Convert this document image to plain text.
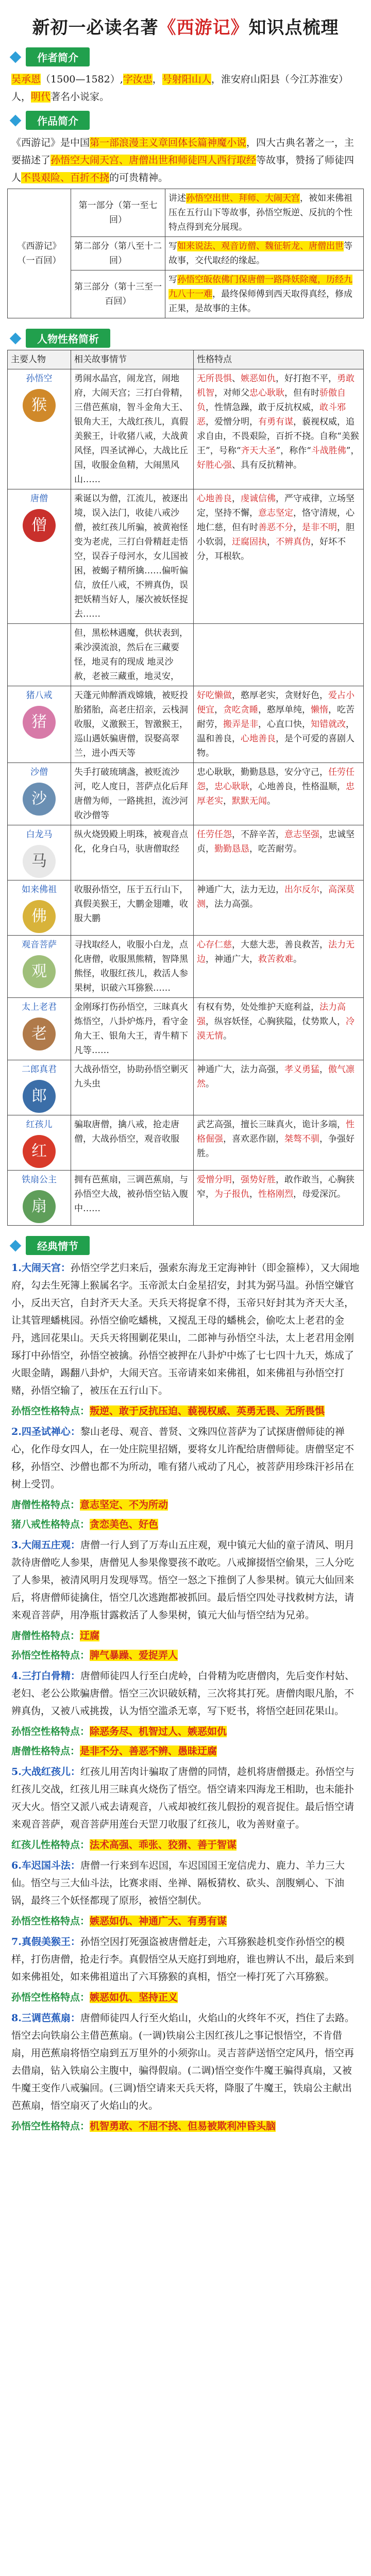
新初一必读名著《西游记》知识点梳理
作者简介
吴承恩（1500—1582）,字汝忠，号射阳山人，淮安府山阳县（今江苏淮安）人，明代著名小说家。
作品简介
《西游记》是中国第一部浪漫主义章回体长篇神魔小说，四大古典名著之一，主要描述了孙悟空大闹天宫、唐僧出世和师徒四人西行取经等故事，赞扬了师徒四人不畏艰险、百折不挠的可贵精神。
《西游记》（一百回）	第一部分（第一至七回）	讲述孙悟空出世、拜师、大闹天宫，被如来佛祖压在五行山下等故事，孙悟空叛逆、反抗的个性特点得到充分展现。
	第二部分（第八至十二回）	写如来说法、观音访僧、魏征斩龙、唐僧出世等故事，交代取经的缘起。
	第三部分（第十三至一百回）	写孙悟空皈依佛门保唐僧一路降妖除魔，历经九九八十一难，最终保师傅到西天取得真经，修成正果，是故事的主体。
人物性格简析
主要人物	相关故事情节	性格特点

孙悟空
猴	勇闹水晶宫，闹龙宫，闹地府，大闹天宫；三打白骨精，三借芭蕉扇，智斗金角大王、银角大王，大战红孩儿，真假美猴王，计收猪八戒，大战黄风怪，四圣试禅心，大战比丘国，收服金鱼精，大闹黑风山……	无所畏惧、嫉恶如仇，好打抱不平，勇敢机智，对师父忠心耿耿，但有时骄傲自负，性情急躁，敢于反抗权威，敢斗邪恶，爱憎分明，有勇有谋，藐视权威，追求自由，不畏艰险，百折不挠。自称“美猴王”，号称“齐天大圣”，称作“斗战胜佛”，好胜心强、具有反抗精神。

唐僧
僧	乘诞以为僧，江流儿，被逐出境，误入法门，收徒八戒沙僧，被红孩儿所骗，被黄袍怪变为老虎，三打白骨精赶走悟空，误吞子母河水，女儿国被困，被蝎子精所擒……偏听偏信，放任八戒，不辨真伪，误把妖精当好人，屡次被妖怪捉去……	心地善良，虔诚信佛，严守戒律，立场坚定，坚持不懈，意志坚定，恪守清规，心地仁慈，但有时善恶不分，是非不明，胆小软弱，迂腐固执，不辨真伪，好坏不分，耳根软。

	但，黑松林遇魔，供状表到，乘沙漠流浪，然后在三藏要怪，地灵有的现成 地灵沙赦，老被三藏重，地灵安，	

猪八戒
猪	天蓬元帅醉酒戏嫦娥，被贬投胎猪胎，高老庄招亲，云栈洞收服，义激猴王，智激猴王，巡山遇妖骗唐僧，误娶高翠兰，进小西天等	好吃懒做，憨厚老实，贪财好色，爱占小便宜，贪吃贪睡，憨厚单纯，懒惰，吃苦耐劳，搬弄是非，心直口快，知错就改，温和善良，心地善良，是个可爱的喜剧人物。

沙僧
沙	失手打破琉璃盏，被贬流沙河，吃人度日，菩萨点化后拜唐僧为师，一路挑担，流沙河收沙僧等	忠心耿耿，勤勤恳恳，安分守己，任劳任怨，忠心耿耿，心地善良，性格温顺，忠厚老实，默默无闻。

白龙马
马	纵火烧毁殿上明珠，被观音点化，化身白马，驮唐僧取经	任劳任怨，不辞辛苦，意志坚强，忠诚坚贞，勤勤恳恳，吃苦耐劳。

如来佛祖
佛	收服孙悟空，压于五行山下，真假美猴王，大鹏金翅雕，收服大鹏	神通广大，法力无边，出尔反尔，高深莫测，法力高强。

观音菩萨
观	寻找取经人，收服小白龙，点化唐僧，收服黑熊精，智降黑熊怪，收服红孩儿，救活人参果树，识破六耳猕猴……	心存仁慈，大慈大悲，善良救苦，法力无边，神通广大，救苦救难。

太上老君
老	金刚琢打伤孙悟空，三昧真火炼悟空，八卦炉炼丹，看守金角大王、银角大王，青牛精下凡等……	有权有势，处处维护天庭利益，法力高强，纵容妖怪，心胸狭隘，仗势欺人，冷漠无情。

二郎真君
郎	大战孙悟空，协助孙悟空剿灭九头虫	神通广大，法力高强，孝义勇猛，傲气凛然。

红孩儿
红	骗取唐僧，擒八戒，抢走唐僧，大战孙悟空，观音收服	武艺高强，擅长三昧真火，诡计多端，性格倔强，喜欢恶作剧，桀骜不驯，争强好胜。

铁扇公主
扇	拥有芭蕉扇，三调芭蕉扇，与孙悟空大战，被孙悟空钻入腹中……	爱憎分明，强势好胜，敢作敢当，心胸狭窄，为子报仇，性格刚烈，母爱深沉。
经典情节
1.大闹天宫：孙悟空学艺归来后，强索东海龙王定海神针（即金箍棒），又大闹地府，勾去生死簿上猴属名字。玉帝派太白金星招安，封其为弼马温。孙悟空嫌官小，反出天宫，自封齐天大圣。天兵天将捉拿不得，玉帝只好封其为齐天大圣，让其管理蟠桃园。孙悟空偷吃蟠桃，又搅乱王母的蟠桃会，偷吃太上老君的金丹，逃回花果山。天兵天将围剿花果山，二郎神与孙悟空斗法，太上老君用金刚琢打中孙悟空，孙悟空被擒。孙悟空被押在八卦炉中炼了七七四十九天，炼成了火眼金睛，踢翻八卦炉，大闹天宫。玉帝请来如来佛祖，如来佛祖与孙悟空打赌，孙悟空输了，被压在五行山下。
孙悟空性格特点：叛逆、敢于反抗压迫、藐视权威、英勇无畏、无所畏惧
2.四圣试禅心：黎山老母、观音、普贤、文殊四位菩萨为了试探唐僧师徒的禅心，化作母女四人，在一处庄院里招婿，要将女儿许配给唐僧师徒。唐僧坚定不移，孙悟空、沙僧也都不为所动，唯有猪八戒动了凡心，被菩萨用珍珠汗衫吊在树上受罚。
唐僧性格特点：意志坚定、不为所动
猪八戒性格特点：贪恋美色、好色
3.大闹五庄观：唐僧一行人到了万寿山五庄观，观中镇元大仙的童子清风、明月款待唐僧吃人参果，唐僧见人参果像婴孩不敢吃。八戒撺掇悟空偷果，三人分吃了人参果，被清风明月发现辱骂。悟空一怒之下推倒了人参果树。镇元大仙回来后，将唐僧师徒擒住，悟空几次逃跑都被抓回。最后悟空四处寻找救树方法，请来观音菩萨，用净瓶甘露救活了人参果树，镇元大仙与悟空结为兄弟。
唐僧性格特点：迂腐
孙悟空性格特点：脾气暴躁、爱捉弄人
4.三打白骨精：唐僧师徒四人行至白虎岭，白骨精为吃唐僧肉，先后变作村姑、老妇、老公公欺骗唐僧。悟空三次识破妖精，三次将其打死。唐僧肉眼凡胎，不辨真伪，又被八戒挑拨，认为悟空滥杀无辜，写下贬书，将悟空赶回花果山。
孙悟空性格特点：除恶务尽、机智过人、嫉恶如仇
唐僧性格特点：是非不分、善恶不辨、愚昧迂腐
5.大战红孩儿：红孩儿用苦肉计骗取了唐僧的同情，趁机将唐僧摄走。孙悟空与红孩儿交战，红孩儿用三昧真火烧伤了悟空。悟空请来四海龙王相助，也未能扑灭大火。悟空又派八戒去请观音，八戒却被红孩儿假扮的观音捉住。最后悟空请来观音菩萨，观音菩萨用莲台天罡刀收服了红孩儿，收为善财童子。
红孩儿性格特点：法术高强、乖张、狡猾、善于智谋
6.车迟国斗法：唐僧一行来到车迟国，车迟国国王宠信虎力、鹿力、羊力三大仙。悟空与三大仙斗法，比赛求雨、坐禅、隔板猜枚、砍头、剖腹剜心、下油锅，最终三个妖怪都现了原形，被悟空制伏。
孙悟空性格特点：嫉恶如仇、神通广大、有勇有谋
7.真假美猴王：孙悟空因打死强盗被唐僧赶走，六耳猕猴趁机变作孙悟空的模样，打伤唐僧，抢走行李。真假悟空从天庭打到地府，谁也辨认不出，最后来到如来佛祖处，如来佛祖道出了六耳猕猴的真相，悟空一棒打死了六耳猕猴。
孙悟空性格特点：嫉恶如仇、坚持正义
8.三调芭蕉扇：唐僧师徒四人行至火焰山，火焰山的火终年不灭，挡住了去路。悟空去向铁扇公主借芭蕉扇。(一调)铁扇公主因红孩儿之事记恨悟空，不肯借扇，用芭蕉扇将悟空扇到五万里外的小须弥山。灵吉菩萨送悟空定风丹，悟空再去借扇，钻入铁扇公主腹中，骗得假扇。(二调)悟空变作牛魔王骗得真扇，又被牛魔王变作八戒骗回。(三调)悟空请来天兵天将，降服了牛魔王，铁扇公主献出芭蕉扇，悟空扇灭了火焰山的火。
孙悟空性格特点：机智勇敢、不屈不挠、但易被欺利冲昏头脑
